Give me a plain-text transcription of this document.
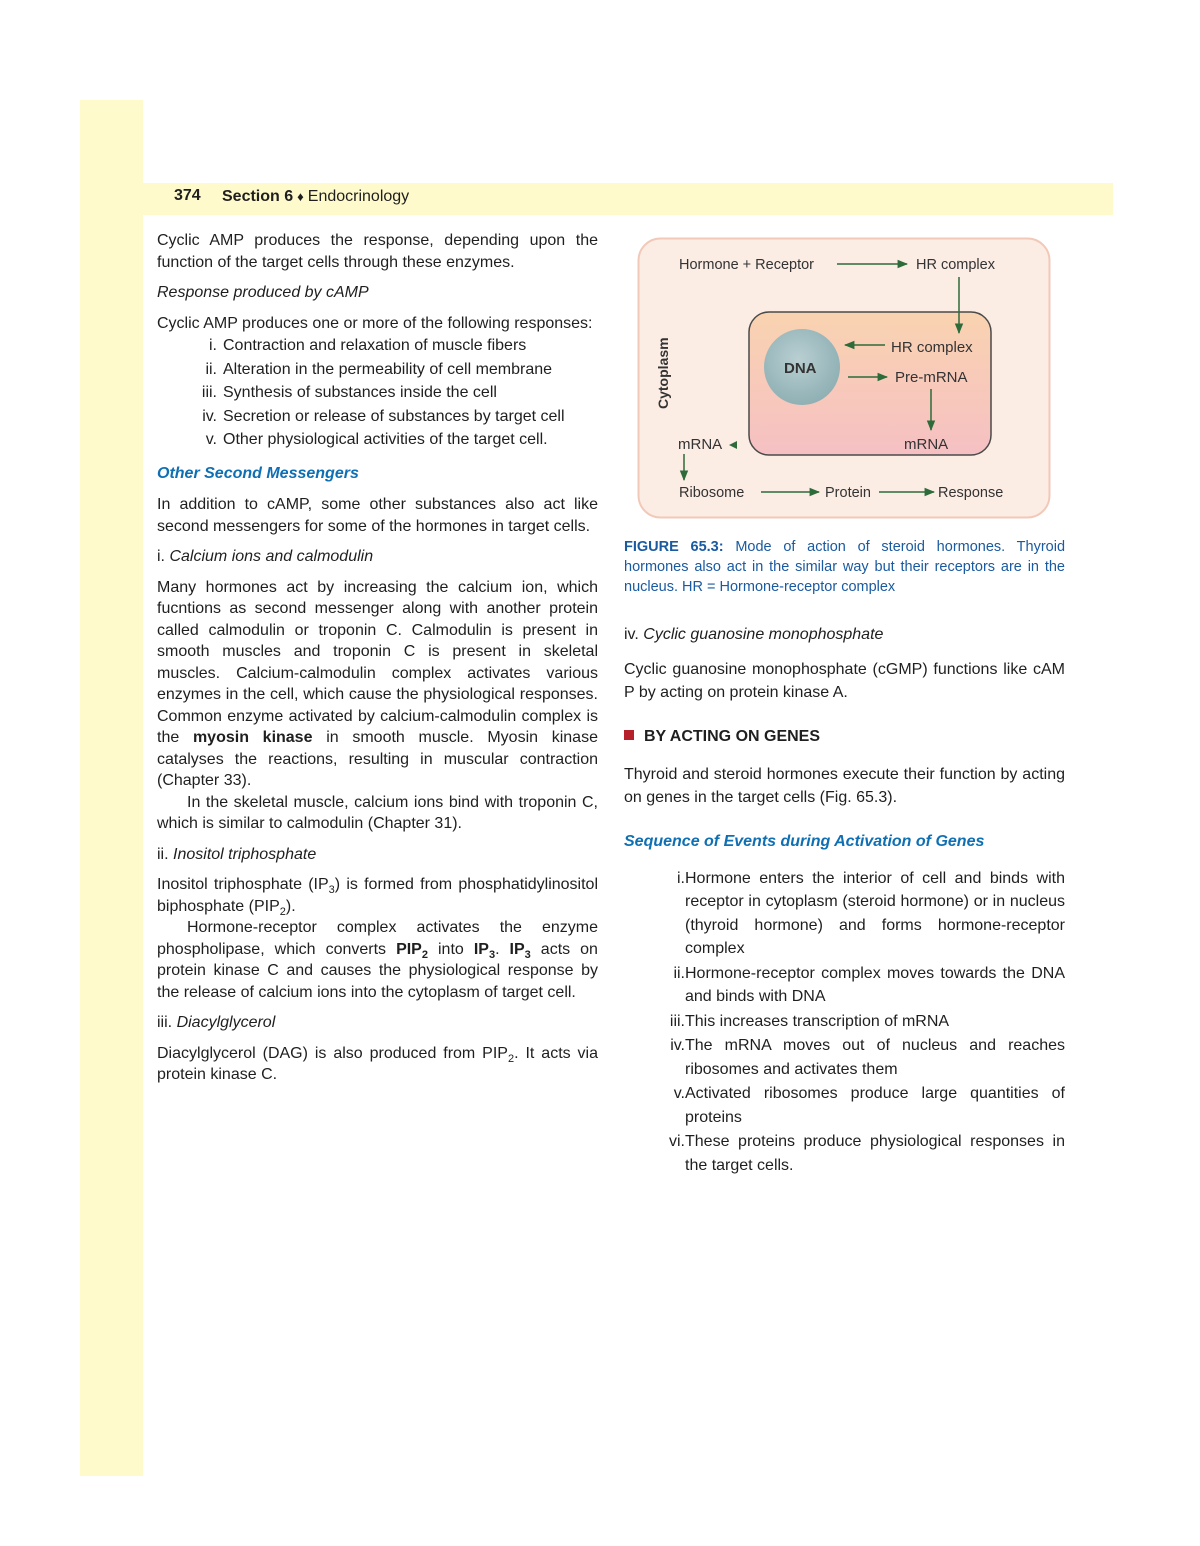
374 Section 6 ♦ Endocrinology

Cyclic AMP produces the response, depending upon the function of the target cells through these enzymes.

Response produced by cAMP

Cyclic AMP produces one or more of the following responses:

i. Contraction and relaxation of muscle fibers
ii. Alteration in the permeability of cell membrane
iii. Synthesis of substances inside the cell
iv. Secretion or release of substances by target cell
v. Other physiological activities of the target cell.

Other Second Messengers

In addition to cAMP, some other substances also act like second messengers for some of the hormones in target cells.

i. Calcium ions and calmodulin

Many hormones act by increasing the calcium ion, which fucntions as second messenger along with another protein called calmodulin or troponin C. Calmodulin is present in smooth muscles and troponin C is present in skeletal muscles. Calcium-calmodulin complex activates various enzymes in the cell, which cause the physiological responses. Common enzyme activated by calcium-calmodulin complex is the myosin kinase in smooth muscle. Myosin kinase catalyses the reactions, resulting in muscular contraction (Chapter 33).

In the skeletal muscle, calcium ions bind with troponin C, which is similar to calmodulin (Chapter 31).

ii. Inositol triphosphate

Inositol triphosphate $(IP_3)$ is formed from phosphatidylinositol biphosphate $(PIP_2)$.

Hormone-receptor complex activates the enzyme phospholipase, which converts $PIP_2$ into $IP_3$. $IP_3$ acts on protein kinase C and causes the physiological response by the release of calcium ions into the cytoplasm of target cell.

iii. Diacylglycerol

Diacylglycerol (DAG) is also produced from $PIP_2$. It acts via protein kinase C.

Hormone + Receptor	HR complex
Cytoplasm	DNA
HR complex
Pre-mRNA
mRNA
mRNA
Ribosome	Protein	Response

FIGURE 65.3: Mode of action of steroid hormones. Thyroid hormones also act in the similar way but their receptors are in the nucleus. HR = Hormone-receptor complex

iv. Cyclic guanosine monophosphate

Cyclic guanosine monophosphate (cGMP) functions like cAM P by acting on protein kinase A.

BY ACTING ON GENES

Thyroid and steroid hormones execute their function by acting on genes in the target cells (Fig. 65.3).

Sequence of Events during Activation of Genes

i. Hormone enters the interior of cell and binds with receptor in cytoplasm (steroid hormone) or in nucleus (thyroid hormone) and forms hormone-receptor complex
ii. Hormone-receptor complex moves towards the DNA and binds with DNA
iii. This increases transcription of mRNA
iv. The mRNA moves out of nucleus and reaches ribosomes and activates them
v. Activated ribosomes produce large quantities of proteins
vi. These proteins produce physiological responses in the target cells.
